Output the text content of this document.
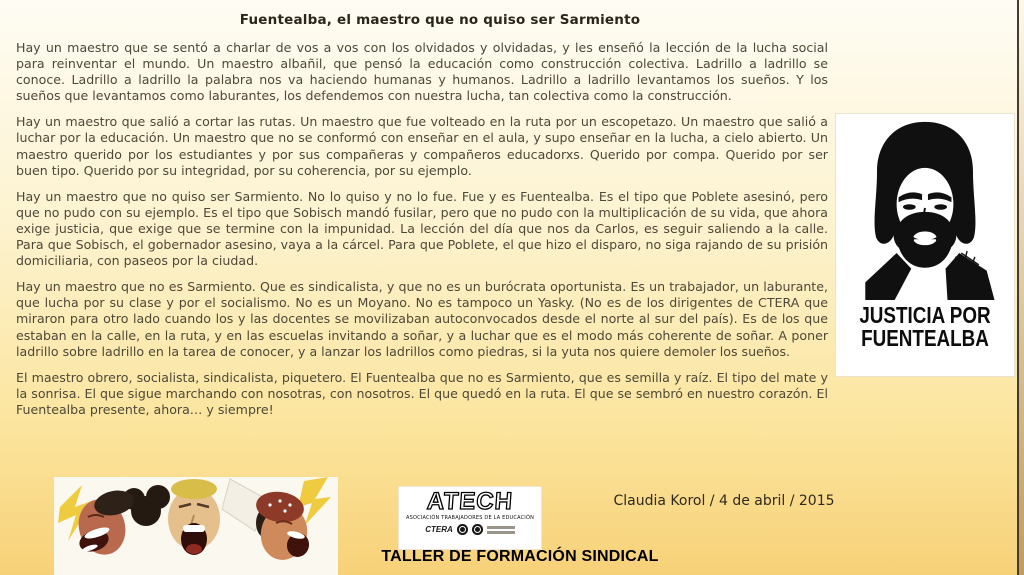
Fuentealba, el maestro que no quiso ser Sarmiento

Hay un maestro que se sentó a charlar de vos a vos con los olvidados y olvidadas, y les enseñó la lección de la lucha social para reinventar el mundo. Un maestro albañil, que pensó la educación como construcción colectiva. Ladrillo a ladrillo se conoce. Ladrillo a ladrillo la palabra nos va haciendo humanas y humanos. Ladrillo a ladrillo levantamos los sueños. Y los sueños que levantamos como laburantes, los defendemos con nuestra lucha, tan colectiva como la construcción.

Hay un maestro que salió a cortar las rutas. Un maestro que fue volteado en la ruta por un escopetazo. Un maestro que salió a luchar por la educación. Un maestro que no se conformó con enseñar en el aula, y supo enseñar en la lucha, a cielo abierto. Un maestro querido por los estudiantes y por sus compañeras y compañeros educadorxs. Querido por compa. Querido por ser buen tipo. Querido por su integridad, por su coherencia, por su ejemplo.

Hay un maestro que no quiso ser Sarmiento. No lo quiso y no lo fue. Fue y es Fuentealba. Es el tipo que Poblete asesinó, pero que no pudo con su ejemplo. Es el tipo que Sobisch mandó fusilar, pero que no pudo con la multiplicación de su vida, que ahora exige justicia, que exige que se termine con la impunidad. La lección del día que nos da Carlos, es seguir saliendo a la calle. Para que Sobisch, el gobernador asesino, vaya a la cárcel. Para que Poblete, el que hizo el disparo, no siga rajando de su prisión domiciliaria, con paseos por la ciudad.

Hay un maestro que no es Sarmiento. Que es sindicalista, y que no es un burócrata oportunista. Es un trabajador, un laburante, que lucha por su clase y por el socialismo. No es un Moyano. No es tampoco un Yasky. (No es de los dirigentes de CTERA que miraron para otro lado cuando los y las docentes se movilizaban autoconvocados desde el norte al sur del país). Es de los que estaban en la calle, en la ruta, y en las escuelas invitando a soñar, y a luchar que es el modo más coherente de soñar. A poner ladrillo sobre ladrillo en la tarea de conocer, y a lanzar los ladrillos como piedras, si la yuta nos quiere demoler los sueños.

El maestro obrero, socialista, sindicalista, piquetero. El Fuentealba que no es Sarmiento, que es semilla y raíz. El tipo del mate y la sonrisa. El que sigue marchando con nosotras, con nosotros. El que quedó en la ruta. El que se sembró en nuestro corazón. El Fuentealba presente, ahora… y siempre!

JUSTICIA POR
FUENTEALBA
ATECH
ASOCIACIÓN TRABAJADORES DE LA EDUCACIÓN
CTERA
TALLER DE FORMACIÓN SINDICAL
Claudia Korol / 4 de abril / 2015
